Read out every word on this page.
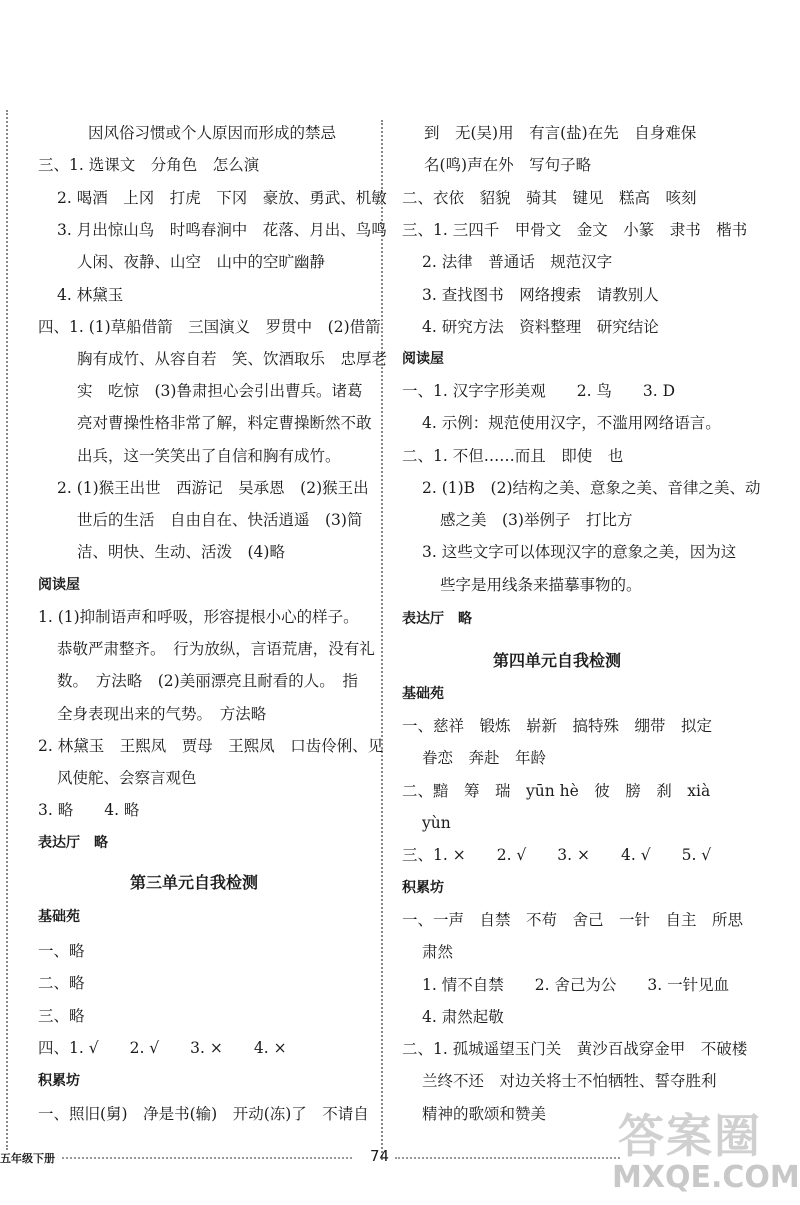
因风俗习惯或个人原因而形成的禁忌
三、1. 选课文　分角色　怎么演
2. 喝酒　上冈　打虎　下冈　豪放、勇武、机敏
3. 月出惊山鸟　时鸣春涧中　花落、月出、鸟鸣
人闲、夜静、山空　山中的空旷幽静
4. 林黛玉
四、1. (1)草船借箭　三国演义　罗贯中　(2)借箭
胸有成竹、从容自若　笑、饮酒取乐　忠厚老
实　吃惊　(3)鲁肃担心会引出曹兵。诸葛
亮对曹操性格非常了解，料定曹操断然不敢
出兵，这一笑笑出了自信和胸有成竹。
2. (1)猴王出世　西游记　吴承恩　(2)猴王出
世后的生活　自由自在、快活逍遥　(3)简
洁、明快、生动、活泼　(4)略
阅读屋
1. (1)抑制语声和呼吸，形容提根小心的样子。
恭敬严肃整齐。　行为放纵，言语荒唐，没有礼
数。　方法略　(2)美丽漂亮且耐看的人。　指
全身表现出来的气势。　方法略
2. 林黛玉　王熙凤　贾母　王熙凤　口齿伶俐、见
风使舵、会察言观色
3. 略　　4. 略
表达厅　略
第三单元自我检测
基础苑
一、略
二、略
三、略
四、1. √　　2. √　　3. ×　　4. ×
积累坊
一、照旧(舅)　净是书(输)　开动(冻)了　不请自
到　无(吴)用　有言(盐)在先　自身难保
名(鸣)声在外　写句子略
二、衣依　貂貌　骑其　键见　糕高　咳刻
三、1. 三四千　甲骨文　金文　小篆　隶书　楷书
2. 法律　普通话　规范汉字
3. 查找图书　网络搜索　请教别人
4. 研究方法　资料整理　研究结论
阅读屋
一、1. 汉字字形美观　　2. 鸟　　3. D
4. 示例：规范使用汉字，不滥用网络语言。
二、1. 不但……而且　即使　也
2. (1)B　(2)结构之美、意象之美、音律之美、动
感之美　(3)举例子　打比方
3. 这些文字可以体现汉字的意象之美，因为这
些字是用线条来描摹事物的。
表达厅　略
第四单元自我检测
基础苑
一、慈祥　锻炼　崭新　搞特殊　绷带　拟定
眷恋　奔赴　年龄
二、黯　筹　瑞　yūn hè　彼　膀　刹　xià
yùn
三、1. ×　　2. √　　3. ×　　4. √　　5. √
积累坊
一、一声　自禁　不苟　舍己　一针　自主　所思
肃然
1. 情不自禁　　2. 舍己为公　　3. 一针见血
4. 肃然起敬
二、1. 孤城遥望玉门关　黄沙百战穿金甲　不破楼
兰终不还　对边关将士不怕牺牲、誓夺胜利
精神的歌颂和赞美
五年级下册	74	答案圈
MXQE.COM
